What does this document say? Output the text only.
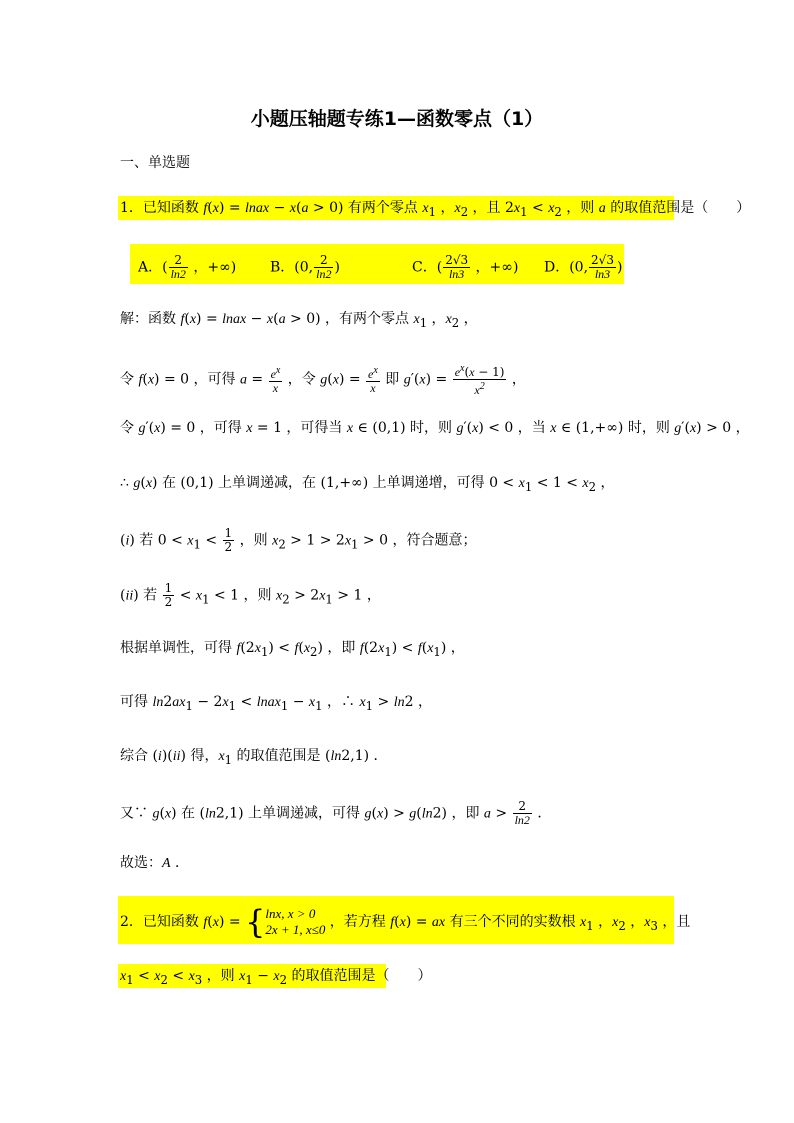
小题压轴题专练1—函数零点（1）
一、单选题
1．已知函数 f(x) = lnax − x(a > 0) 有两个零点 $x_1$ ，$x_2$ ，且 $2x_1 < x_2$ ，则 a 的取值范围是（　　）
A．( $\frac{2}{\ln 2}$ ，+∞) B．(0, $\frac{2}{\ln 2}$ )	C．( $\frac{2√3}{\ln 3}$ ，+∞) D．(0, $\frac{2√3}{\ln 3}$ )
解：函数 f(x) = lnax − x(a > 0) ，有两个零点 $x_1$ ，$x_2$ ，
令 f(x) = 0 ，可得 $a = \frac{e^x}{x}$ ，令 $g(x) = \frac{e^x}{x}$ 即 $g'(x) = \frac{e^x(x - 1)}{x^2}$ ，
令 g′(x) = 0 ，可得 x = 1 ，可得当 x ∈ (0,1) 时，则 g′(x) < 0 ，当 x ∈ (1,+∞) 时，则 g′(x) > 0 ，
∴ g(x) 在 (0,1) 上单调递减，在 (1,+∞) 上单调递增，可得 $0 < x_1 < 1 < x_2$ ，
(i) 若 $0 < x_1 < \frac{1}{2}$ ，则 $x_2 > 1 > 2x_1 > 0$ ，符合题意；
(ii) 若 $\frac{1}{2} < x_1 < 1$ ，则 $x_2 > 2x_1 > 1$ ，
根据单调性，可得 $f(2x_1) < f(x_2)$ ，即 $f(2x_1) < f(x_1)$ ，
可得 $\ln 2ax_1 - 2x_1$ < lnax$_1$ − $x_1$ ，∴ $x_1 > \ln 2$ ，
综合 (i)(ii) 得，$x_1$ 的取值范围是 (ln2,1) ．
又∵ g(x) 在 (ln2,1) 上单调递减，可得 g(x) > g(ln2) ，即 $a > \frac{2}{\ln 2}$ ．
故选：A ．
2．已知函数 f(x) = { lnx, x > 0
2x + 1, x≤0 ，若方程 f(x) = ax 有三个不同的实数根 $x_1$ ，$x_2$ ，$x_3$ ，且
$x_1 < x_2 < x_3$ ，则 $x_1 - x_2$ 的取值范围是（　　）
